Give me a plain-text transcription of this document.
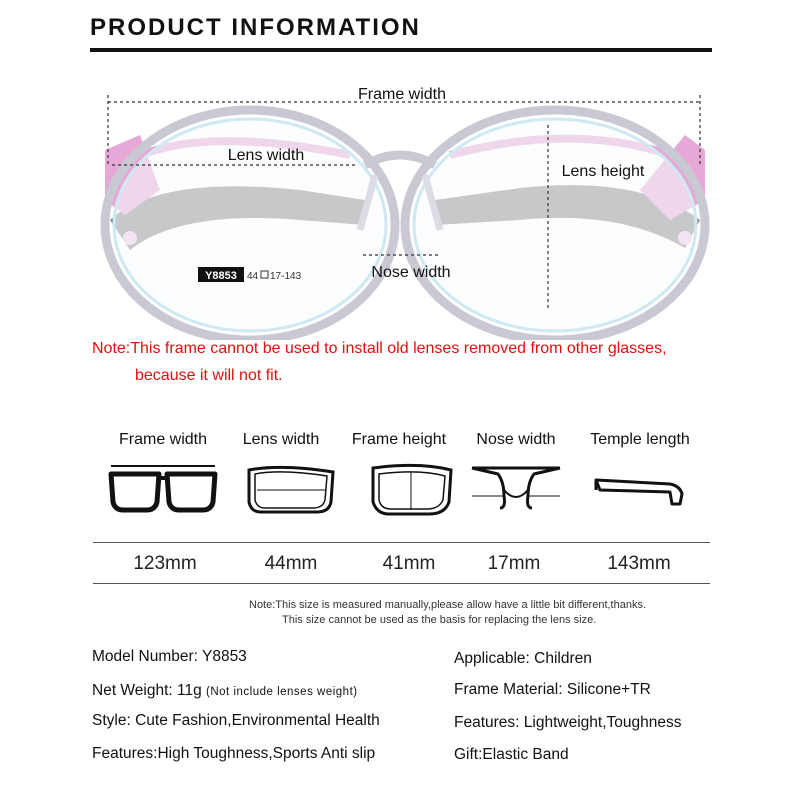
PRODUCT INFORMATION
Y8853 44 17-143
Frame width
Lens width
Lens height
Nose width
Note:This frame cannot be used to install old lenses removed from other glasses,
because it will not fit.
Frame width	Lens width	Frame height	Nose width	Temple length
123mm	44mm	41mm	17mm	143mm
Note:This size is measured manually,please allow have a little bit different,thanks.
This size cannot be used as the basis for replacing the lens size.
Model Number: Y8853
Net Weight: 11g (Not include lenses weight)
Style: Cute Fashion,Environmental Health
Features:High Toughness,Sports Anti slip
Applicable: Children
Frame Material: Silicone+TR
Features: Lightweight,Toughness
Gift:Elastic Band
